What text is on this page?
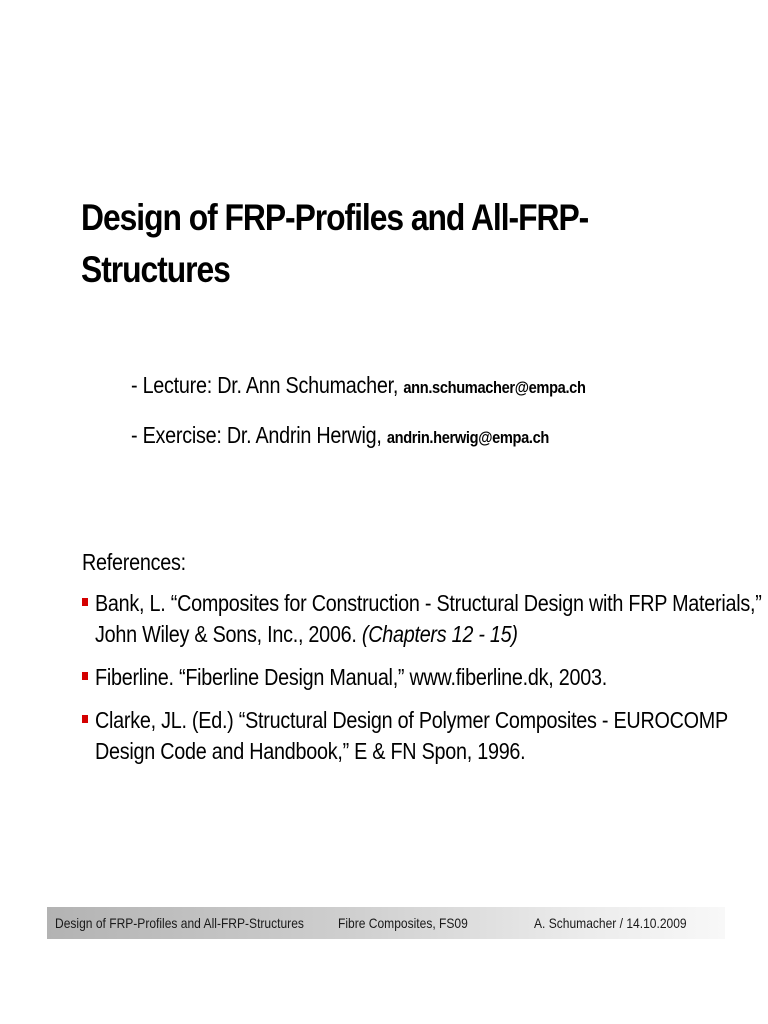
Design of FRP-Profiles and All-FRP-
Structures
- Lecture: Dr. Ann Schumacher, ann.schumacher@empa.ch
- Exercise: Dr. Andrin Herwig, andrin.herwig@empa.ch
References:
Bank, L. “Composites for Construction - Structural Design with FRP Materials,”
John Wiley & Sons, Inc., 2006. (Chapters 12 - 15)
Fiberline. “Fiberline Design Manual,” www.fiberline.dk, 2003.
Clarke, JL. (Ed.) “Structural Design of Polymer Composites - EUROCOMP
Design Code and Handbook,” E & FN Spon, 1996.
Design of FRP-Profiles and All-FRP-Structures Fibre Composites, FS09	A. Schumacher / 14.10.2009
